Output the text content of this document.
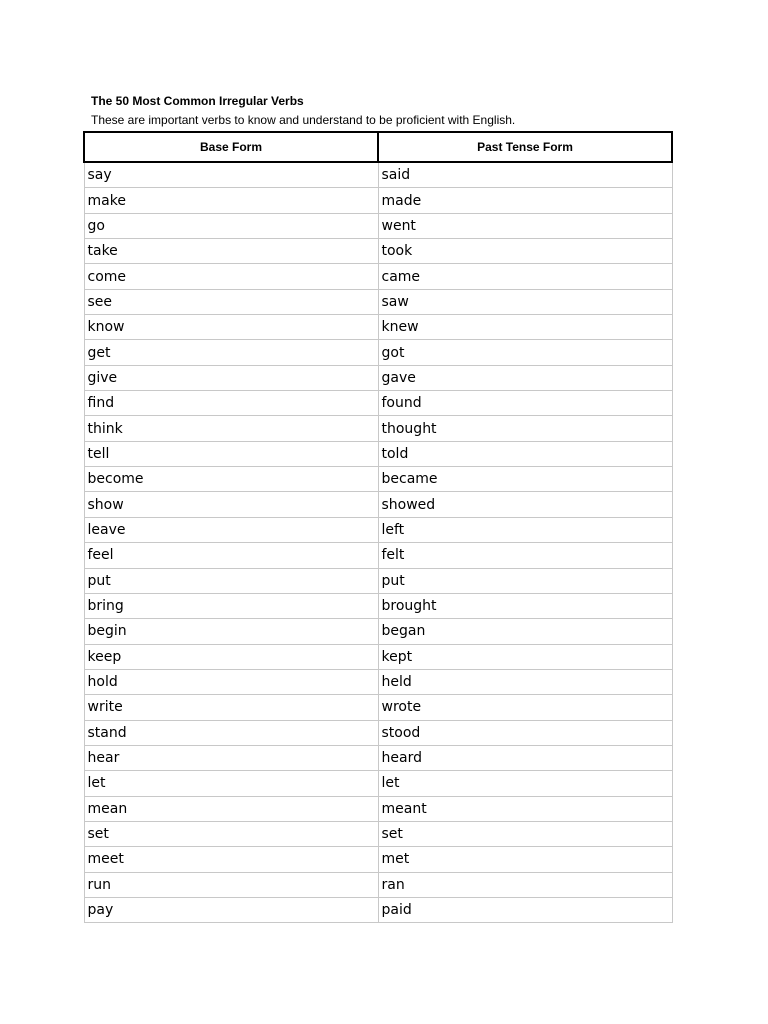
The 50 Most Common Irregular Verbs
These are important verbs to know and understand to be proficient with English.
Base Form	Past Tense Form
say	said
make	made
go	went
take	took
come	came
see	saw
know	knew
get	got
give	gave
find	found
think	thought
tell	told
become	became
show	showed
leave	left
feel	felt
put	put
bring	brought
begin	began
keep	kept
hold	held
write	wrote
stand	stood
hear	heard
let	let
mean	meant
set	set
meet	met
run	ran
pay	paid
